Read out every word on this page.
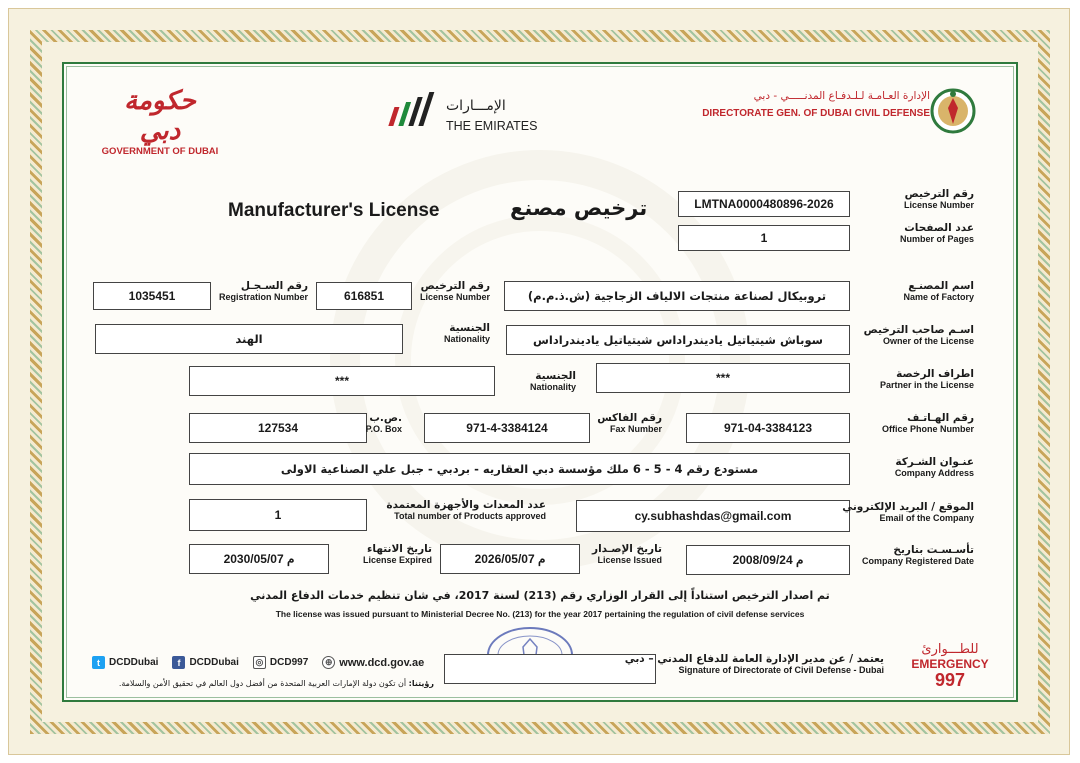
حكومة دبي
GOVERNMENT OF DUBAI
الإمـــارات
THE EMIRATES
الإدارة العـامـة لـلـدفـاع المدنـــــي - دبي
DIRECTORATE GEN. OF DUBAI CIVIL DEFENSE
Manufacturer's License	ترخيص مصنع	LMTNA0000480896-2026
رقم الترخيص
License Number
1
عدد الصفحات
Number of Pages
تروبيكال لصناعة منتجات الالياف الزجاجية (ش.ذ.م.م)
اسم المصنـع
Name of Factory
616851
رقم الترخيص
License Number
1035451
رقم السـجـل
Registration Number
سوباش شيتياتيل ياديندراداس شيتياتيل ياديندراداس
اسـم صاحب الترخيص
Owner of the License
الهند
الجنسية
Nationality
***	اطراف الرخصة
Partner in the License
***	الجنسية
Nationality
971-04-3384123
رقم الهـاتـف
Office Phone Number
971-4-3384124
رقم الفاكس
Fax Number
127534
ص.ب.
P.O. Box
مستودع رقم 4 - 5 - 6 ملك مؤسسة دبي العقاريه - بردبي - جبل علي الصناعية الاولى	عنـوان الشـركة
Company Address
cy.subhashdas@gmail.com
الموقع / البريد الإلكتروني
Email of the Company
1
عدد المعدات والأجهزة المعتمدة
Total number of Products approved
2008/09/24 م
تأسـسـت بتاريخ
Company Registered Date
2026/05/07 م
تاريخ الإصـدار
License Issued
2030/05/07 م
تاريخ الانتهاء
License Expired
تم اصدار الترخيص استناداً إلى القرار الوزاري رقم (213) لسنة 2017، في شان تنظيم خدمات الدفاع المدني
The license was issued pursuant to Ministerial Decree No. (213) for the year 2017 pertaining the regulation of civil defense services
يعتمد / عن مدير الإدارة العامة للدفاع المدني – دبي
Signature of Directorate of Civil Defense - Dubai
للطـــوارئ
EMERGENCY
997
t DCDDubai	f DCDDubai ◎ DCD997	⊕ www.dcd.gov.ae
رؤيتنا: أن تكون دولة الإمارات العربية المتحدة من أفضل دول العالم في تحقيق الأمن والسلامة.
